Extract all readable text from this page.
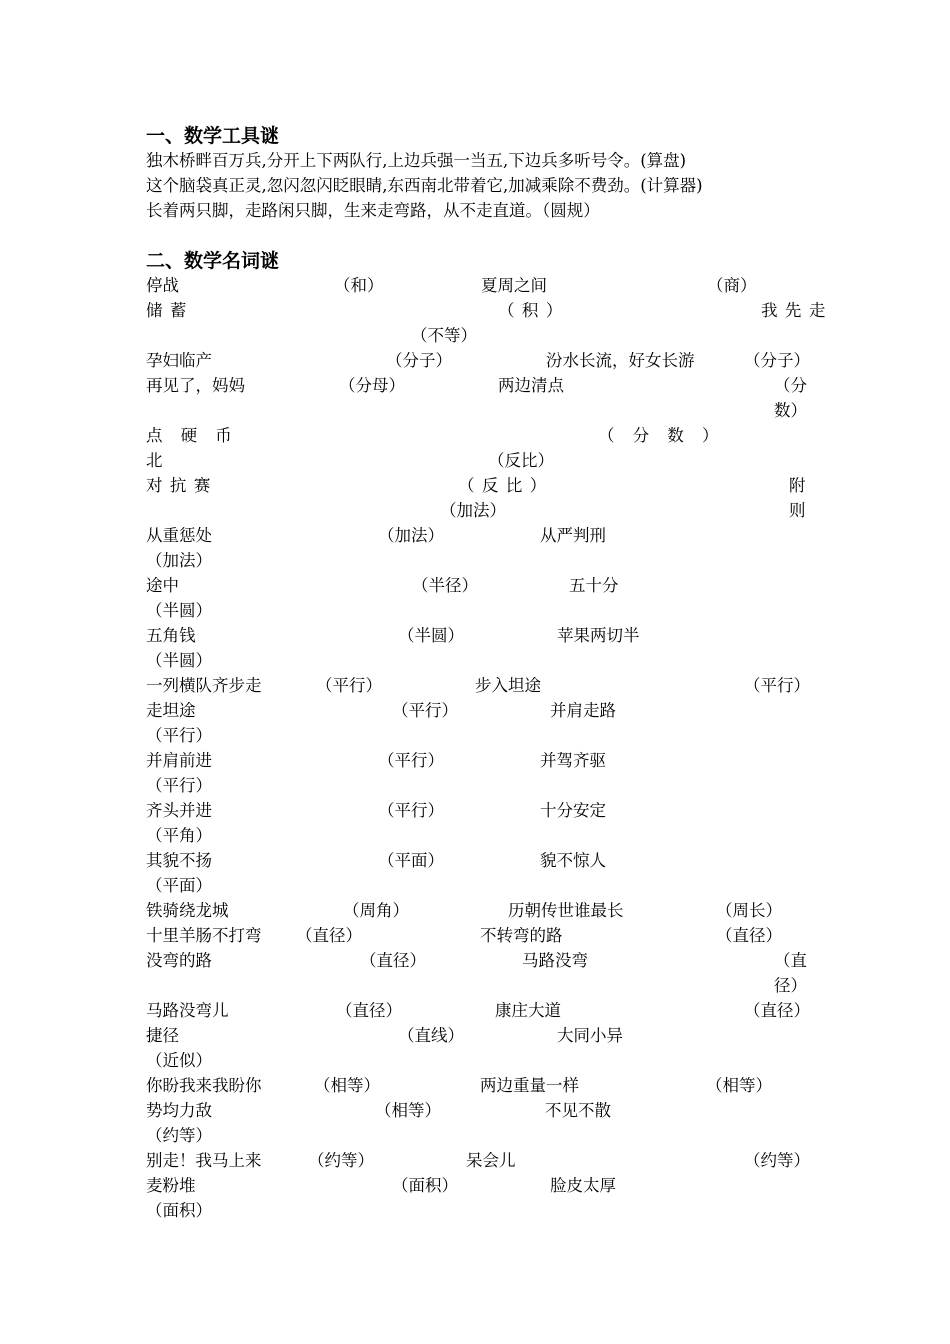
一、数学工具谜

独木桥畔百万兵,分开上下两队行,上边兵强一当五,下边兵多听号令。(算盘)

这个脑袋真正灵,忽闪忽闪眨眼睛,东西南北带着它,加减乘除不费劲。(计算器)

长着两只脚，走路闲只脚，生来走弯路，从不走直道。（圆规）

二、数学名词谜
停战	（和）	夏周之间	（商）
储蓄	（积）	我先走
（不等）
孕妇临产	（分子）	汾水长流，好女长游	（分子）
再见了，妈妈	（分母）	两边清点	（分数）
点硬币	（分数）
北	（反比）
对抗赛	（反比）	附则
（加法）
从重惩处	（加法）	从严判刑
（加法）
途中	（半径）	五十分
（半圆）
五角钱	（半圆）	苹果两切半
（半圆）
一列横队齐步走	（平行）	步入坦途	（平行）
走坦途	（平行）	并肩走路
（平行）
并肩前进	（平行）	并驾齐驱
（平行）
齐头并进	（平行）	十分安定
（平角）
其貌不扬	（平面）	貌不惊人
（平面）
铁骑绕龙城	（周角）	历朝传世谁最长	（周长）
十里羊肠不打弯 （直径）	不转弯的路	（直径）
没弯的路	（直径）	马路没弯	（直径）
马路没弯儿	（直径）	康庄大道	（直径）
捷径	（直线）	大同小异
（近似）
你盼我来我盼你	（相等）	两边重量一样	（相等）
势均力敌	（相等）	不见不散
（约等）
别走！我马上来	（约等）	呆会儿	（约等）
麦粉堆	（面积）	脸皮太厚
（面积）
